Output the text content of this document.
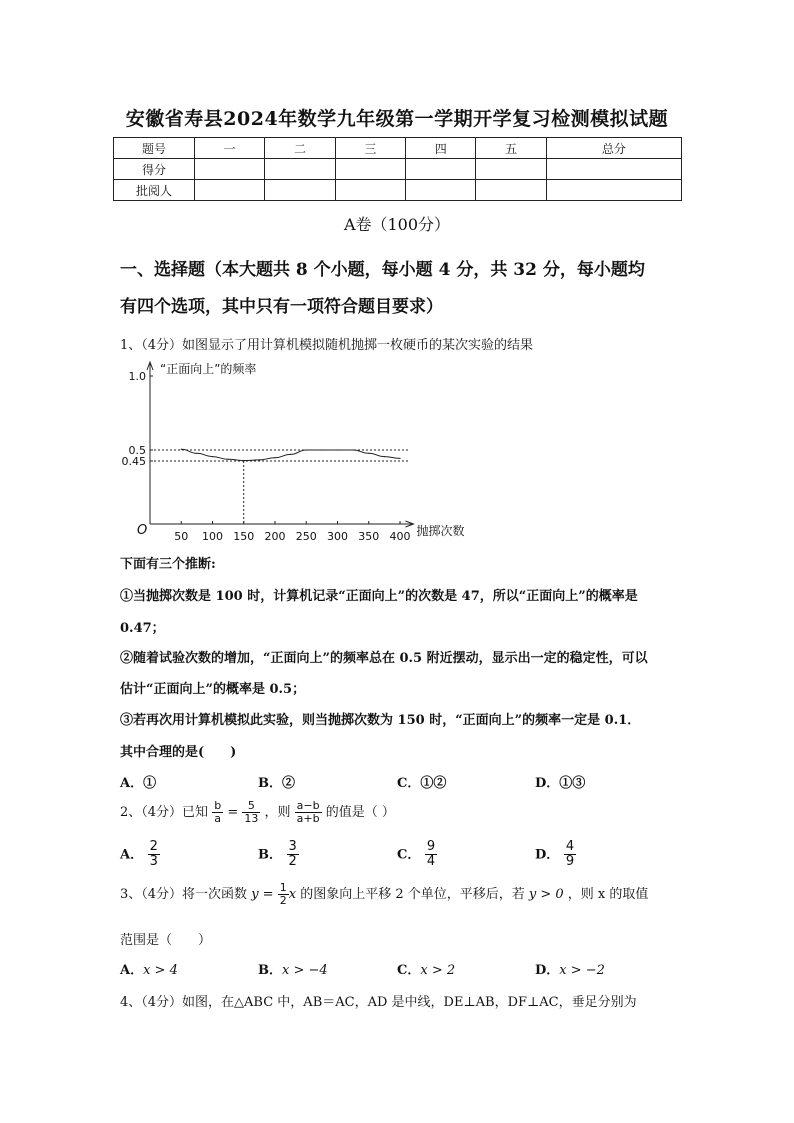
安徽省寿县2024年数学九年级第一学期开学复习检测模拟试题
题号	一	二	三	四	五	总分
得分						
批阅人						
A卷（100分）
一、选择题（本大题共 8 个小题，每小题 4 分，共 32 分，每小题均
有四个选项，其中只有一项符合题目要求）
1、（4分）如图显示了用计算机模拟随机抛掷一枚硬币的某次实验的结果
“正面向上”的频率
抛掷次数
O 50 100 150 200 250 300 350 400
1.0
0.5
0.45
下面有三个推断:
①当抛掷次数是 100 时，计算机记录“正面向上”的次数是 47，所以“正面向上”的概率是
0.47；
②随着试验次数的增加，“正面向上”的频率总在 0.5 附近摆动，显示出一定的稳定性，可以
估计“正面向上”的概率是 0.5；
③若再次用计算机模拟此实验，则当抛掷次数为 150 时，“正面向上”的频率一定是 0.1．
其中合理的是(　　)
A．①	B．②	C．①②	D．①③
2、（4分）已知 $\frac{b}{a} = \frac{5}{13}$ ，则 $\frac{a-b}{a+b}$ 的值是（ ）
A． $\frac{2}{3}$	B． $\frac{3}{2}$	C． $\frac{9}{4}$	D． $\frac{4}{9}$
3、（4分）将一次函数 $y = \frac{1}{2}$ x 的图象向上平移 2 个单位，平移后，若 y > 0 ，则 x 的取值
范围是（　　）
A．x > 4	B．x > −4	C．x > 2	D．x > −2
4、（4分）如图，在△ABC 中，AB＝AC，AD 是中线，DE⊥AB，DF⊥AC，垂足分别为
